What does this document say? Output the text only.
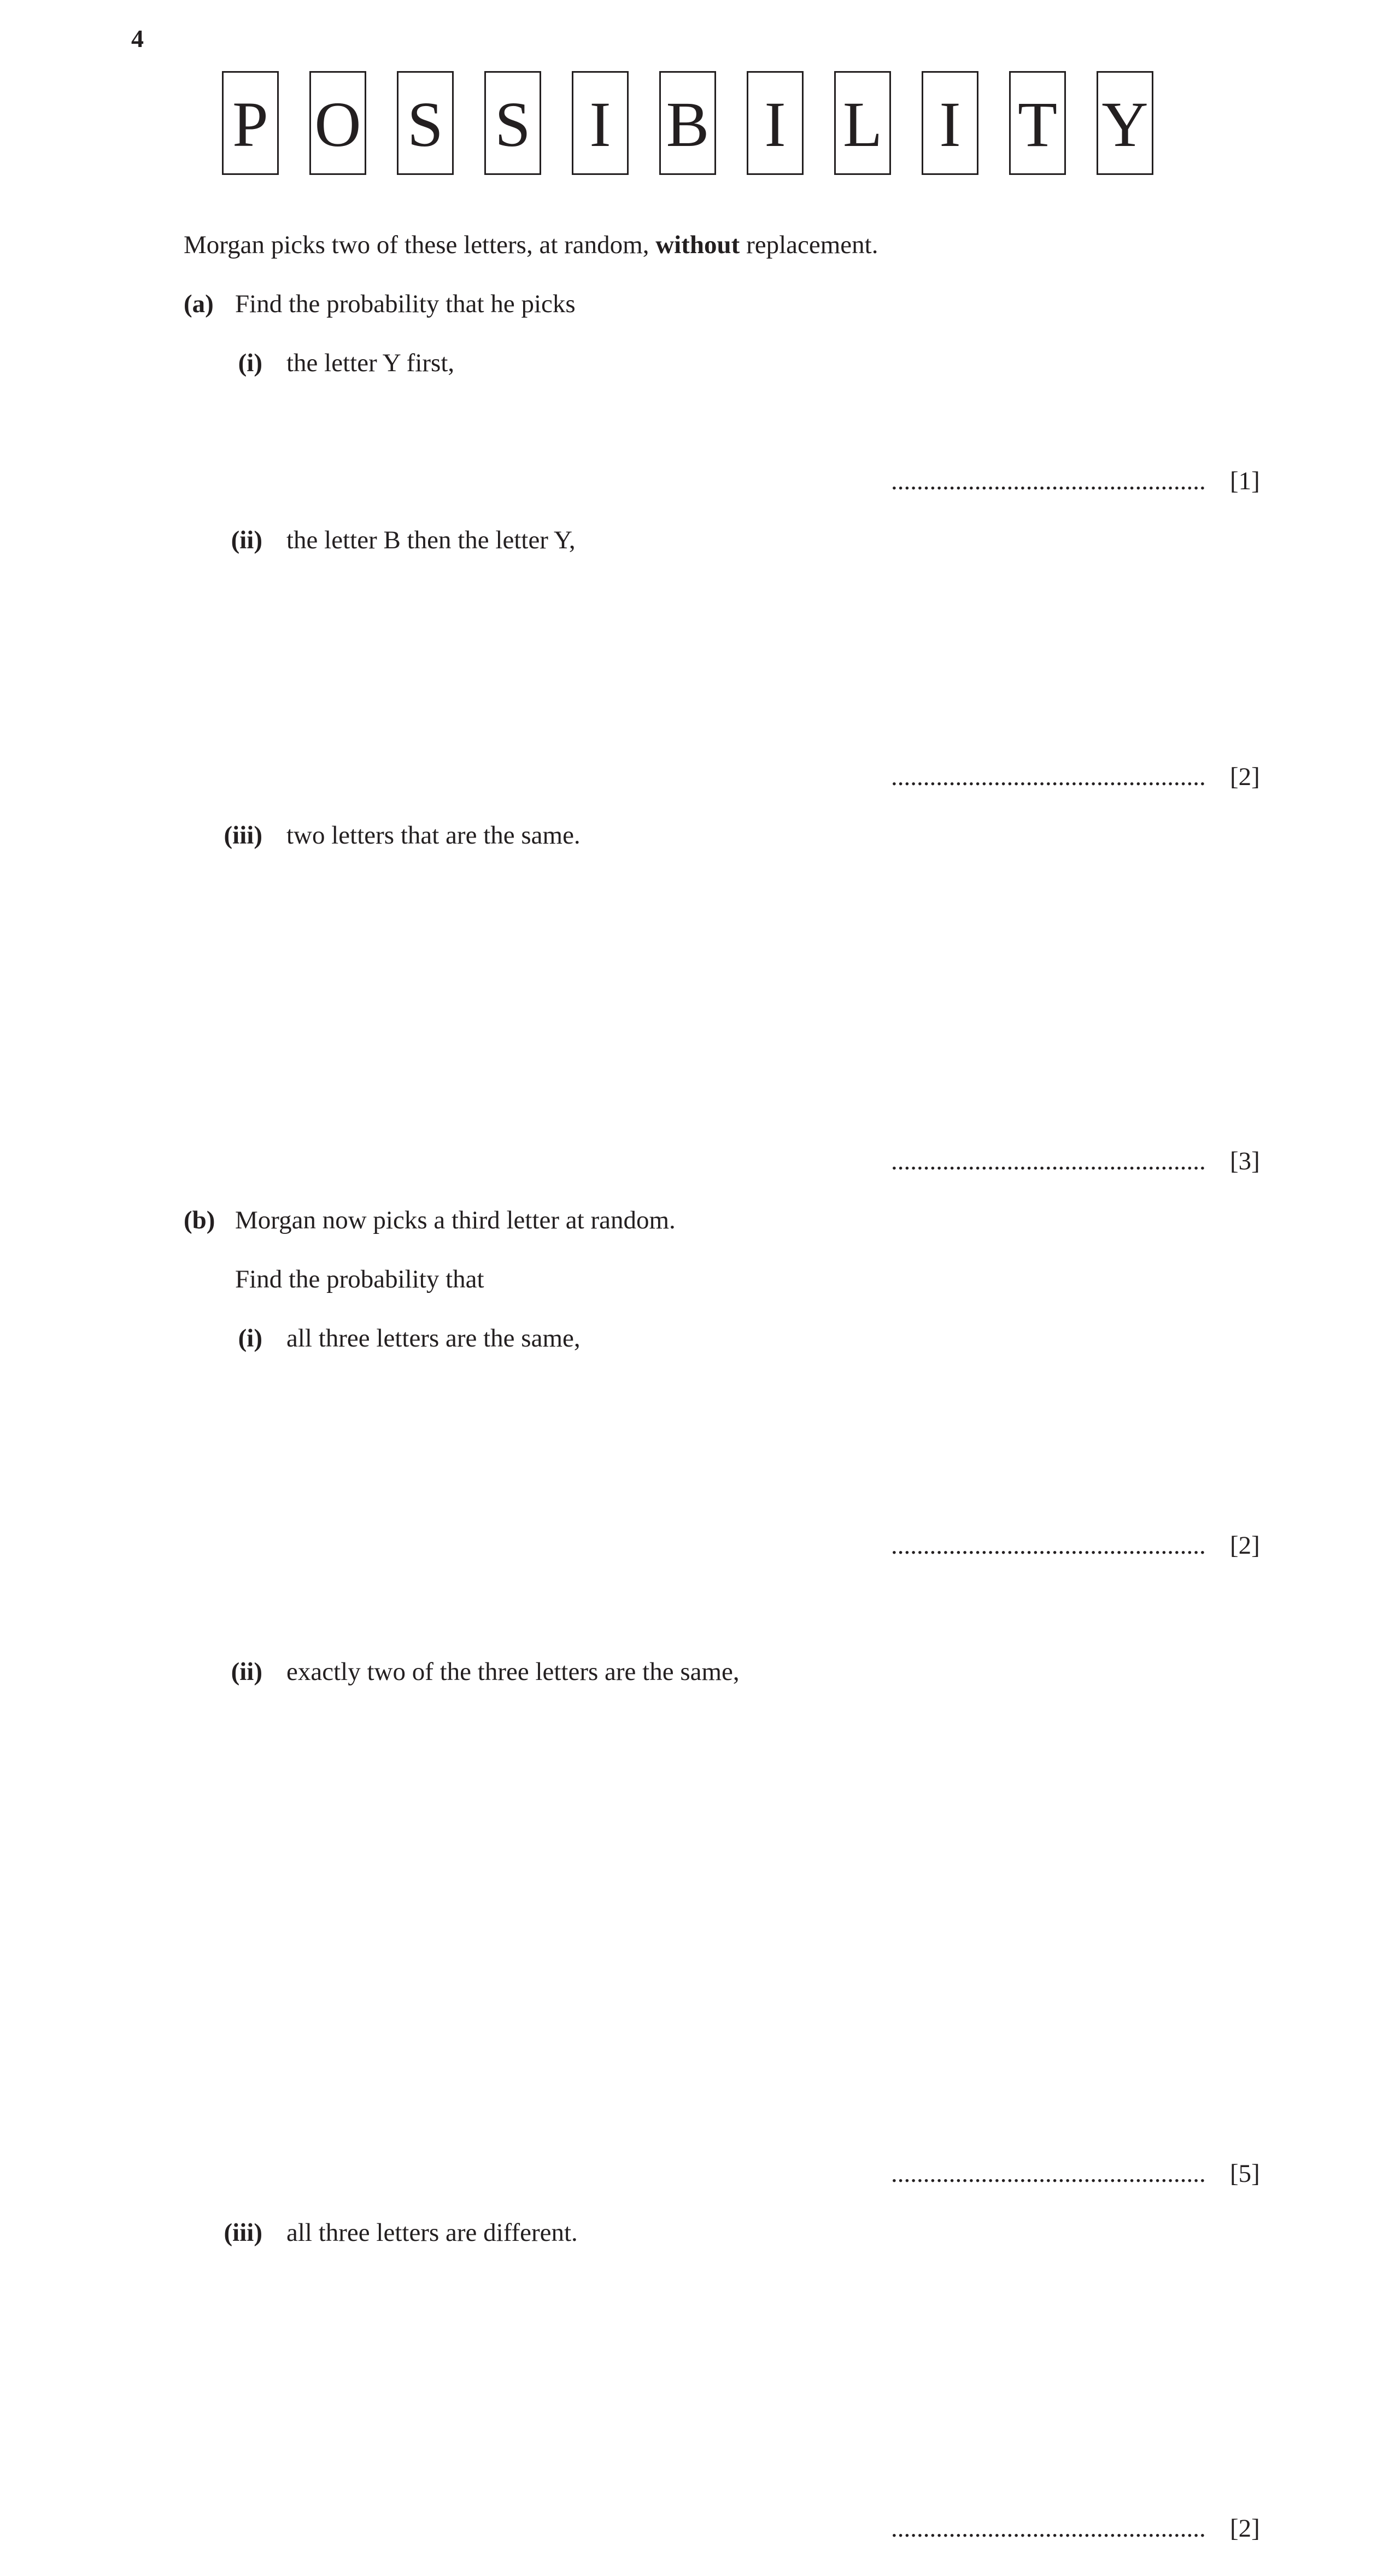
4
P O S S I B I L I T Y
Morgan picks two of these letters, at random, without replacement.
(a) Find the probability that he picks
(i) the letter Y first,
................................................. [1]
(ii) the letter B then the letter Y,
................................................. [2]
(iii) two letters that are the same.
................................................. [3]
(b) Morgan now picks a third letter at random.
Find the probability that
(i) all three letters are the same,
................................................. [2]
(ii) exactly two of the three letters are the same,
................................................. [5]
(iii) all three letters are different.
................................................. [2]
